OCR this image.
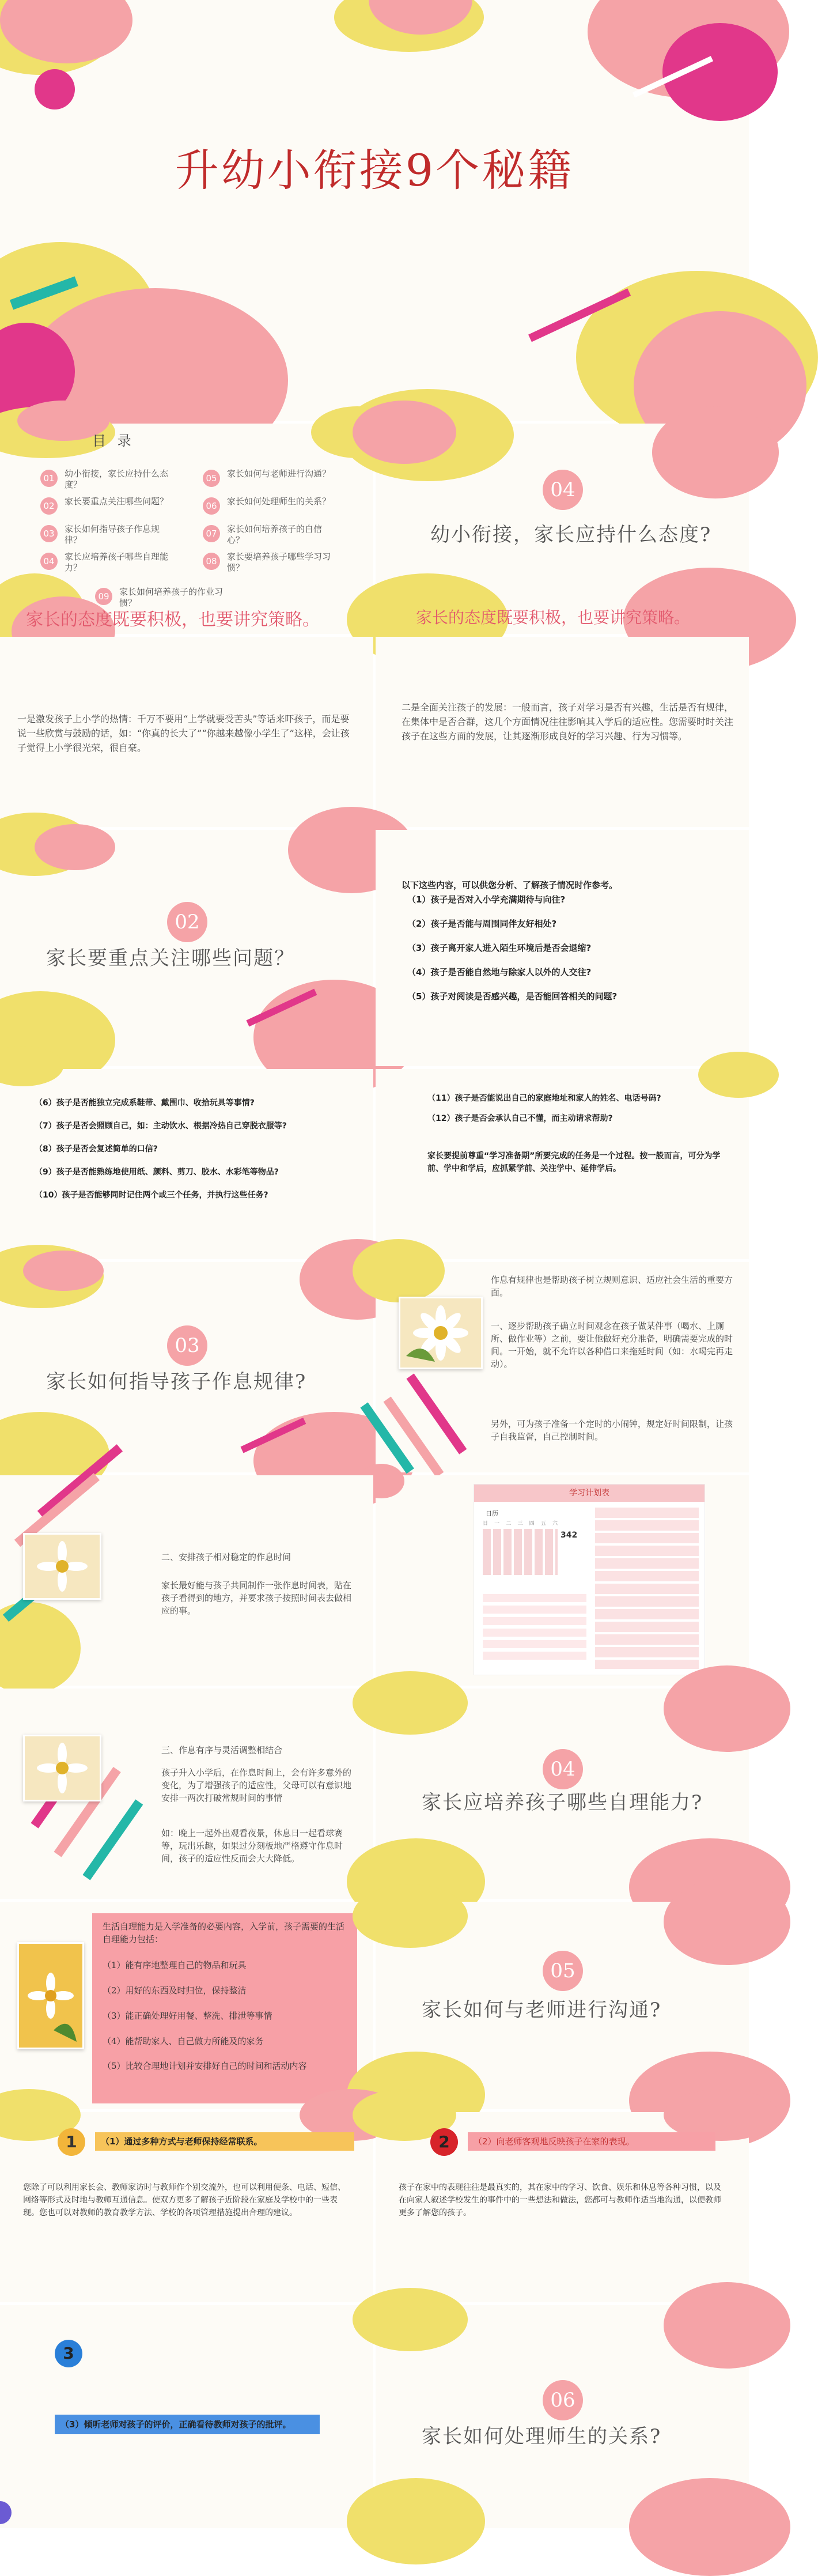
升幼小衔接9个秘籍
目 录
01	幼小衔接，家长应持什么态度？
02	家长要重点关注哪些问题？
03	家长如何指导孩子作息规律？
04	家长应培养孩子哪些自理能力？
05	家长如何与老师进行沟通？
06	家长如何处理师生的关系？
07	家长如何培养孩子的自信心？
08	家长要培养孩子哪些学习习惯？
09	家长如何培养孩子的作业习惯？
04
幼小衔接，家长应持什么态度?
家长的态度既要积极，也要讲究策略。
家长的态度既要积极，也要讲究策略。
一是激发孩子上小学的热情：千万不要用“上学就要受苦头”等话来吓孩子，而是要说一些欣赏与鼓励的话，如：“你真的长大了”“你越来越像小学生了”这样，会让孩子觉得上小学很光荣，很自豪。
二是全面关注孩子的发展：一般而言，孩子对学习是否有兴趣，生活是否有规律，在集体中是否合群，这几个方面情况往往影响其入学后的适应性。您需要时时关注孩子在这些方面的发展，让其逐渐形成良好的学习兴趣、行为习惯等。
02
家长要重点关注哪些问题？
以下这些内容，可以供您分析、了解孩子情况时作参考。
（1）孩子是否对入小学充满期待与向往?
（2）孩子是否能与周围同伴友好相处?
（3）孩子离开家人进入陌生环境后是否会退缩?
（4）孩子是否能自然地与除家人以外的人交往?
（5）孩子对阅读是否感兴趣，是否能回答相关的问题?
（6）孩子是否能独立完成系鞋带、戴围巾、收拾玩具等事情?
（7）孩子是否会照顾自己，如：主动饮水、根据冷热自己穿脱衣服等?
（8）孩子是否会复述简单的口信?
（9）孩子是否能熟练地使用纸、颜料、剪刀、胶水、水彩笔等物品?
（10）孩子是否能够同时记住两个或三个任务，并执行这些任务?
（11）孩子是否能说出自己的家庭地址和家人的姓名、电话号码?
（12）孩子是否会承认自己不懂，而主动请求帮助?
家长要提前尊重“学习准备期”所要完成的任务是一个过程。按一般而言，可分为学前、学中和学后，应抓紧学前、关注学中、延伸学后。
03
家长如何指导孩子作息规律?
作息有规律也是帮助孩子树立规则意识、适应社会生活的重要方面。
一、逐步帮助孩子确立时间观念在孩子做某件事（喝水、上厕所、做作业等）之前，要让他做好充分准备，明确需要完成的时间。一开始，就不允许以各种借口来拖延时间（如：水喝完再走动）。
另外，可为孩子准备一个定时的小闹钟，规定好时间限制，让孩子自我监督，自己控制时间。
学习计划表
日历
342
日 一 二 三 四 五 六
二、安排孩子相对稳定的作息时间
家长最好能与孩子共同制作一张作息时间表，贴在孩子看得到的地方，并要求孩子按照时间表去做相应的事。
三、作息有序与灵活调整相结合
孩子升入小学后，在作息时间上，会有许多意外的变化，为了增强孩子的适应性，父母可以有意识地安排一两次打破常规时间的事情
如：晚上一起外出观看夜景，休息日一起看球赛等，玩出乐趣，如果过分刻板地严格遵守作息时间，孩子的适应性反而会大大降低。
04
家长应培养孩子哪些自理能力?
生活自理能力是入学准备的必要内容，入学前，孩子需要的生活自理能力包括：
（1）能有序地整理自己的物品和玩具
（2）用好的东西及时归位，保持整洁
（3）能正确处理好用餐、整洗、排泄等事情
（4）能帮助家人、自己做力所能及的家务
（5）比较合理地计划并安排好自己的时间和活动内容
05
家长如何与老师进行沟通?
1	（1）通过多种方式与老师保持经常联系。
您除了可以利用家长会、教师家访时与教师作个别交流外，也可以利用便条、电话、短信、网络等形式及时地与教师互通信息。使双方更多了解孩子近阶段在家庭及学校中的一些表现。您也可以对教师的教育教学方法、学校的各项管理措施提出合理的建议。
2	（2）向老师客观地反映孩子在家的表现。
孩子在家中的表现往往是最真实的，其在家中的学习、饮食、娱乐和休息等各种习惯，以及在向家人叙述学校发生的事件中的一些想法和做法，您都可与教师作适当地沟通，以便教师更多了解您的孩子。
3
（3）倾听老师对孩子的评价，正确看待教师对孩子的批评。
06
家长如何处理师生的关系?
